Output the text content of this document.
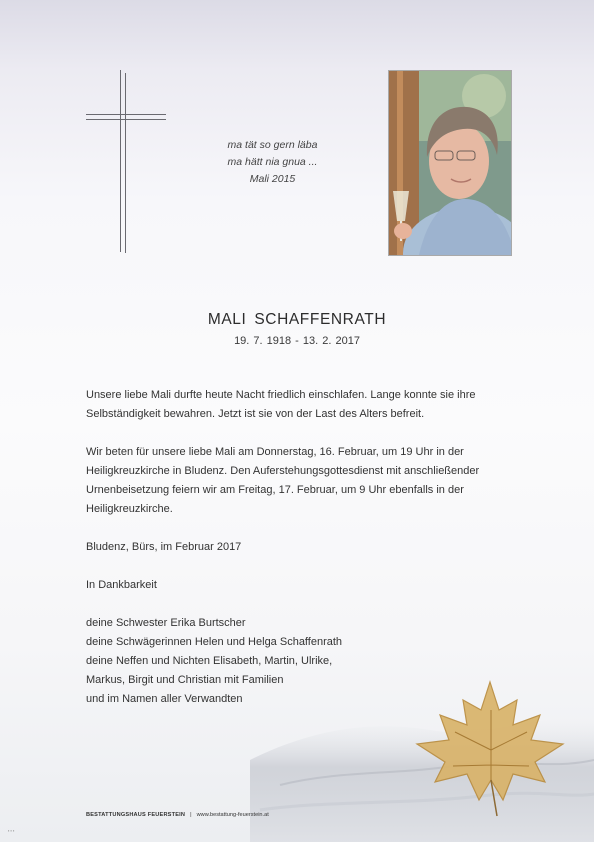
ma tät so gern läba
ma hätt nia gnua ...
Mali 2015
MALI SCHAFFENRATH
19. 7. 1918 - 13. 2. 2017

Unsere liebe Mali durfte heute Nacht friedlich einschlafen. Lange konnte sie ihre
Selbständigkeit bewahren. Jetzt ist sie von der Last des Alters befreit.

Wir beten für unsere liebe Mali am Donnerstag, 16. Februar, um 19 Uhr in der
Heiligkreuzkirche in Bludenz. Den Auferstehungsgottesdienst mit anschließender
Urnenbeisetzung feiern wir am Freitag, 17. Februar, um 9 Uhr ebenfalls in der
Heiligkreuzkirche.

Bludenz, Bürs, im Februar 2017

In Dankbarkeit

deine Schwester Erika Burtscher
deine Schwägerinnen Helen und Helga Schaffenrath
deine Neffen und Nichten Elisabeth, Martin, Ulrike,
Markus, Birgit und Christian mit Familien
und im Namen aller Verwandten

BESTATTUNGSHAUS FEUERSTEIN | www.bestattung-feuerstein.at
▪ ▪ ▪
